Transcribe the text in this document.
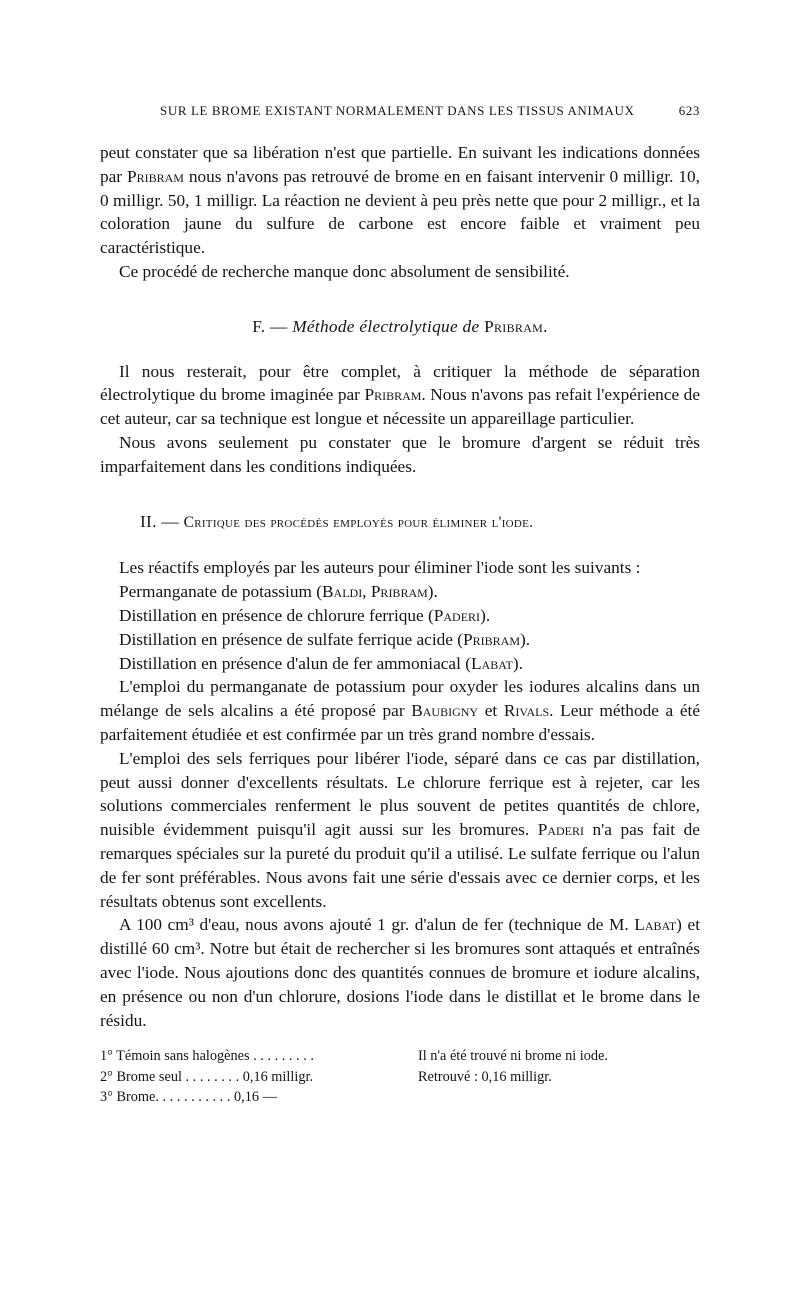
SUR LE BROME EXISTANT NORMALEMENT DANS LES TISSUS ANIMAUX	623

peut constater que sa libération n'est que partielle. En suivant les indications données par Pribram nous n'avons pas retrouvé de brome en en faisant intervenir 0 milligr. 10, 0 milligr. 50, 1 milligr. La réaction ne devient à peu près nette que pour 2 milligr., et la coloration jaune du sulfure de carbone est encore faible et vraiment peu caractéristique.

Ce procédé de recherche manque donc absolument de sensibilité.

F. — Méthode électrolytique de Pribram.

Il nous resterait, pour être complet, à critiquer la méthode de séparation électrolytique du brome imaginée par Pribram. Nous n'avons pas refait l'expérience de cet auteur, car sa technique est longue et nécessite un appareillage particulier.

Nous avons seulement pu constater que le bromure d'argent se réduit très imparfaitement dans les conditions indiquées.

II. — Critique des procédés employés pour éliminer l'iode.

Les réactifs employés par les auteurs pour éliminer l'iode sont les suivants :

Permanganate de potassium (Baldi, Pribram).

Distillation en présence de chlorure ferrique (Paderi).

Distillation en présence de sulfate ferrique acide (Pribram).

Distillation en présence d'alun de fer ammoniacal (Labat).

L'emploi du permanganate de potassium pour oxyder les iodures alcalins dans un mélange de sels alcalins a été proposé par Baubigny et Rivals. Leur méthode a été parfaitement étudiée et est confirmée par un très grand nombre d'essais.

L'emploi des sels ferriques pour libérer l'iode, séparé dans ce cas par distillation, peut aussi donner d'excellents résultats. Le chlorure ferrique est à rejeter, car les solutions commerciales renferment le plus souvent de petites quantités de chlore, nuisible évidemment puisqu'il agit aussi sur les bromures. Paderi n'a pas fait de remarques spéciales sur la pureté du produit qu'il a utilisé. Le sulfate ferrique ou l'alun de fer sont préférables. Nous avons fait une série d'essais avec ce dernier corps, et les résultats obtenus sont excellents.

A 100 cm³ d'eau, nous avons ajouté 1 gr. d'alun de fer (technique de M. Labat) et distillé 60 cm³. Notre but était de rechercher si les bromures sont attaqués et entraînés avec l'iode. Nous ajoutions donc des quantités connues de bromure et iodure alcalins, en présence ou non d'un chlorure, dosions l'iode dans le distillat et le brome dans le résidu.

1° Témoin sans halogènes . . . . . . . . .	Il n'a été trouvé ni brome ni iode.
2° Brome seul . . . . . . . . 0,16 milligr.	Retrouvé : 0,16 milligr.
3° Brome. . . . . . . . . . . 0,16 —
